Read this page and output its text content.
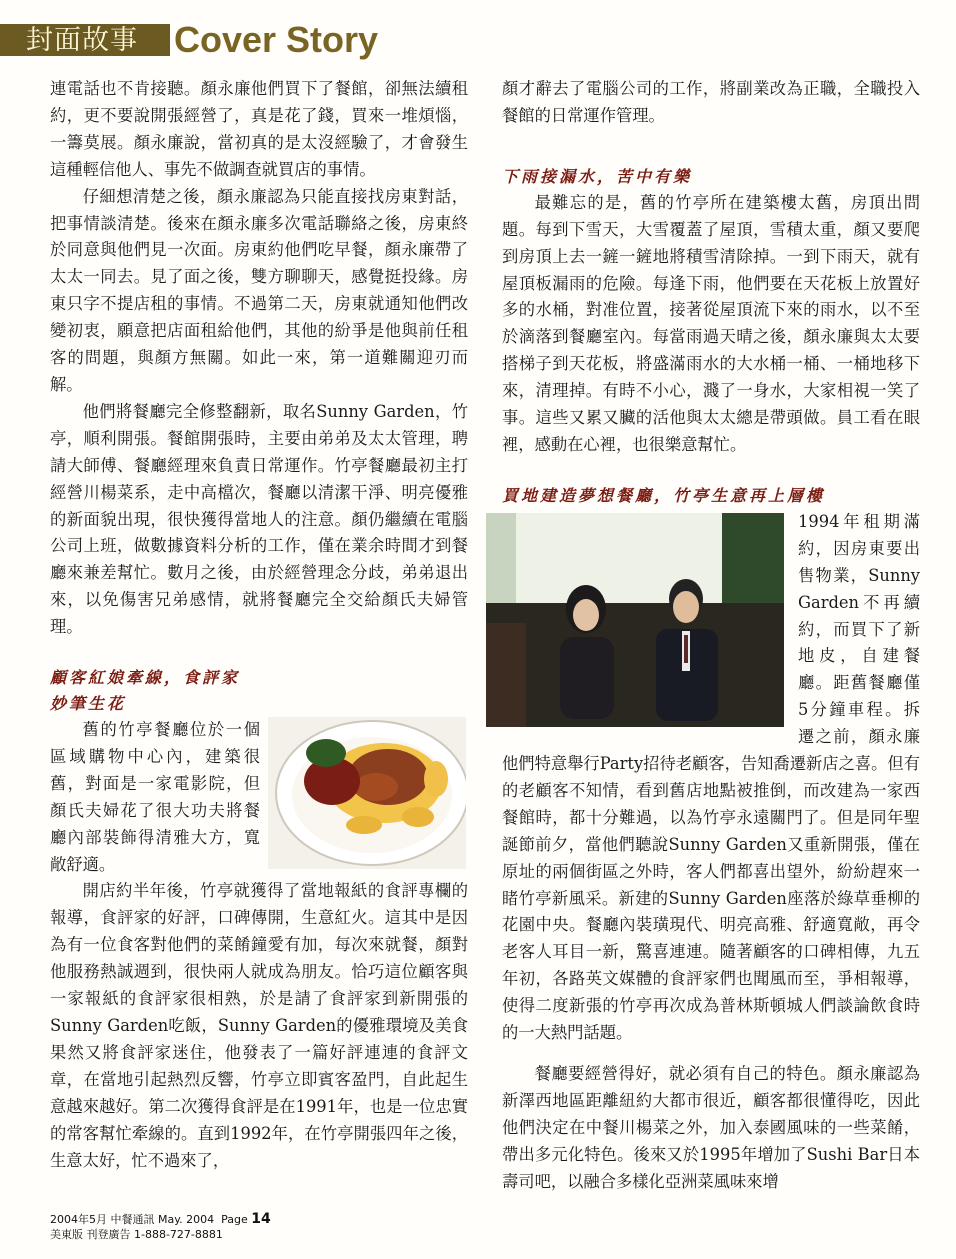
封面故事 Cover Story

連電話也不肯接聽。顏永廉他們買下了餐館，卻無法續租約，更不要說開張經營了，真是花了錢，買來一堆煩惱，一籌莫展。顏永廉說，當初真的是太沒經驗了，才會發生這種輕信他人、事先不做調查就買店的事情。

仔細想清楚之後，顏永廉認為只能直接找房東對話，把事情談清楚。後來在顏永廉多次電話聯絡之後，房東終於同意與他們見一次面。房東約他們吃早餐，顏永廉帶了太太一同去。見了面之後，雙方聊聊天，感覺挺投緣。房東只字不提店租的事情。不過第二天，房東就通知他們改變初衷，願意把店面租給他們，其他的紛爭是他與前任租客的問題，與顏方無關。如此一來，第一道難關迎刃而解。

他們將餐廳完全修整翻新，取名Sunny Garden，竹亭，順利開張。餐館開張時，主要由弟弟及太太管理，聘請大師傅、餐廳經理來負責日常運作。竹亭餐廳最初主打經營川楊菜系，走中高檔次，餐廳以清潔干淨、明亮優雅的新面貌出現，很快獲得當地人的注意。顏仍繼續在電腦公司上班，做數據資料分析的工作，僅在業余時間才到餐廳來兼差幫忙。數月之後，由於經營理念分歧，弟弟退出來，以免傷害兄弟感情，就將餐廳完全交給顏氏夫婦管理。

顧客紅娘牽線，食評家
妙筆生花

舊的竹亭餐廳位於一個區域購物中心內，建築很舊，對面是一家電影院，但顏氏夫婦花了很大功夫將餐廳內部裝飾得清雅大方，寬敞舒適。

開店約半年後，竹亭就獲得了當地報紙的食評專欄的報導，食評家的好評，口碑傳開，生意紅火。這其中是因為有一位食客對他們的菜餚鐘愛有加，每次來就餐，顏對他服務熱誠週到，很快兩人就成為朋友。恰巧這位顧客與一家報紙的食評家很相熟，於是請了食評家到新開張的Sunny Garden吃飯，Sunny Garden的優雅環境及美食果然又將食評家迷住，他發表了一篇好評連連的食評文章，在當地引起熱烈反響，竹亭立即賓客盈門，自此起生意越來越好。第二次獲得食評是在1991年，也是一位忠實的常客幫忙牽線的。直到1992年，在竹亭開張四年之後，生意太好，忙不過來了，

顏才辭去了電腦公司的工作，將副業改為正職，全職投入餐館的日常運作管理。

下雨接漏水，苦中有樂

最難忘的是，舊的竹亭所在建築樓太舊，房頂出問題。每到下雪天，大雪覆蓋了屋頂，雪積太重，顏又要爬到房頂上去一鏟一鏟地將積雪清除掉。一到下雨天，就有屋頂板漏雨的危險。每逢下雨，他們要在天花板上放置好多的水桶，對准位置，接著從屋頂流下來的雨水，以不至於滴落到餐廳室內。每當雨過天晴之後，顏永廉與太太要搭梯子到天花板，將盛滿雨水的大水桶一桶、一桶地移下來，清理掉。有時不小心，濺了一身水，大家相視一笑了事。這些又累又臟的活他與太太總是帶頭做。員工看在眼裡，感動在心裡，也很樂意幫忙。

買地建造夢想餐廳，竹亭生意再上層樓

1994年租期滿約，因房東要出售物業，Sunny Garden不再續約，而買下了新地皮，自建餐廳。距舊餐廳僅5分鐘車程。拆遷之前，顏永廉他們特意舉行Party招待老顧客，告知喬遷新店之喜。但有的老顧客不知情，看到舊店地點被推倒，而改建為一家西餐館時，都十分難過，以為竹亭永遠關門了。但是同年聖誕節前夕，當他們聽說Sunny Garden又重新開張，僅在原址的兩個街區之外時，客人們都喜出望外，紛紛趕來一睹竹亭新風采。新建的Sunny Garden座落於綠草垂柳的花園中央。餐廳內裝璜現代、明亮高雅、舒適寬敞，再令老客人耳目一新，驚喜連連。隨著顧客的口碑相傳，九五年初，各路英文媒體的食評家們也聞風而至，爭相報導，使得二度新張的竹亭再次成為普林斯頓城人們談論飲食時的一大熱門話題。

餐廳要經營得好，就必須有自己的特色。顏永廉認為新澤西地區距離紐約大都市很近，顧客都很懂得吃，因此他們決定在中餐川楊菜之外，加入泰國風味的一些菜餚，帶出多元化特色。後來又於1995年增加了Sushi Bar日本壽司吧，以融合多樣化亞洲菜風味來增

2004年5月 中餐通訊 May. 2004 Page 14
美東版 刊登廣告 1-888-727-8881
